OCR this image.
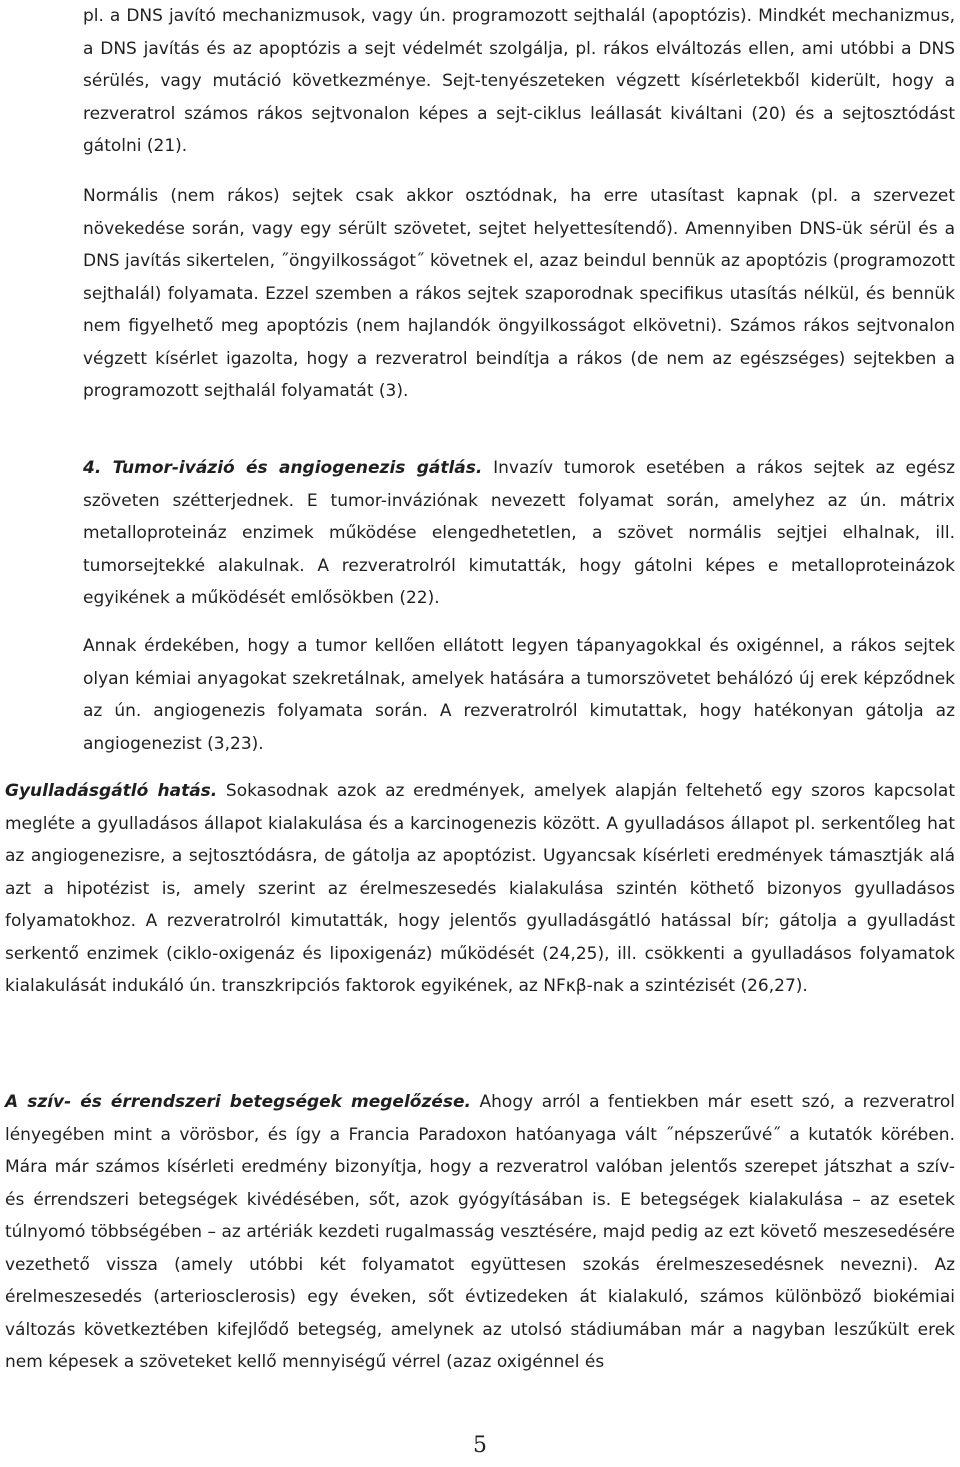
pl. a DNS javító mechanizmusok, vagy ún. programozott sejthalál (apoptózis). Mindkét mechanizmus, a DNS javítás és az apoptózis a sejt védelmét szolgálja, pl. rákos elváltozás ellen, ami utóbbi a DNS sérülés, vagy mutáció következménye. Sejt-tenyészeteken végzett kísérletekből kiderült, hogy a rezveratrol számos rákos sejtvonalon képes a sejt-ciklus leállasát kiváltani (20) és a sejtosztódást gátolni (21).

Normális (nem rákos) sejtek csak akkor osztódnak, ha erre utasítast kapnak (pl. a szervezet növekedése során, vagy egy sérült szövetet, sejtet helyettesítendő). Amennyiben DNS-ük sérül és a DNS javítás sikertelen, ˝öngyilkosságot˝ követnek el, azaz beindul bennük az apoptózis (programozott sejthalál) folyamata. Ezzel szemben a rákos sejtek szaporodnak specifikus utasítás nélkül, és bennük nem figyelhető meg apoptózis (nem hajlandók öngyilkosságot elkövetni). Számos rákos sejtvonalon végzett kísérlet igazolta, hogy a rezveratrol beindítja a rákos (de nem az egészséges) sejtekben a programozott sejthalál folyamatát (3).

4. Tumor-ivázió és angiogenezis gátlás. Invazív tumorok esetében a rákos sejtek az egész szöveten szétterjednek. E tumor-inváziónak nevezett folyamat során, amelyhez az ún. mátrix metalloproteináz enzimek működése elengedhetetlen, a szövet normális sejtjei elhalnak, ill. tumorsejtekké alakulnak. A rezveratrolról kimutatták, hogy gátolni képes e metalloproteinázok egyikének a működését emlősökben (22).

Annak érdekében, hogy a tumor kellően ellátott legyen tápanyagokkal és oxigénnel, a rákos sejtek olyan kémiai anyagokat szekretálnak, amelyek hatására a tumorszövetet behálózó új erek képződnek az ún. angiogenezis folyamata során. A rezveratrolról kimutattak, hogy hatékonyan gátolja az angiogenezist (3,23).

Gyulladásgátló hatás. Sokasodnak azok az eredmények, amelyek alapján feltehető egy szoros kapcsolat megléte a gyulladásos állapot kialakulása és a karcinogenezis között. A gyulladásos állapot pl. serkentőleg hat az angiogenezisre, a sejtosztódásra, de gátolja az apoptózist. Ugyancsak kísérleti eredmények támasztják alá azt a hipotézist is, amely szerint az érelmeszesedés kialakulása szintén köthető bizonyos gyulladásos folyamatokhoz. A rezveratrolról kimutatták, hogy jelentős gyulladásgátló hatással bír; gátolja a gyulladást serkentő enzimek (ciklo-oxigenáz és lipoxigenáz) működését (24,25), ill. csökkenti a gyulladásos folyamatok kialakulását indukáló ún. transzkripciós faktorok egyikének, az NFκβ-nak a szintézisét (26,27).

A szív- és érrendszeri betegségek megelőzése. Ahogy arról a fentiekben már esett szó, a rezveratrol lényegében mint a vörösbor, és így a Francia Paradoxon hatóanyaga vált ˝népszerűvé˝ a kutatók körében. Mára már számos kísérleti eredmény bizonyítja, hogy a rezveratrol valóban jelentős szerepet játszhat a szív- és érrendszeri betegségek kivédésében, sőt, azok gyógyításában is. E betegségek kialakulása – az esetek túlnyomó többségében – az artériák kezdeti rugalmasság vesztésére, majd pedig az ezt követő meszesedésére vezethető vissza (amely utóbbi két folyamatot együttesen szokás érelmeszesedésnek nevezni). Az érelmeszesedés (arteriosclerosis) egy éveken, sőt évtizedeken át kialakuló, számos különböző biokémiai változás következtében kifejlődő betegség, amelynek az utolsó stádiumában már a nagyban leszűkült erek nem képesek a szöveteket kellő mennyiségű vérrel (azaz oxigénnel és

5
